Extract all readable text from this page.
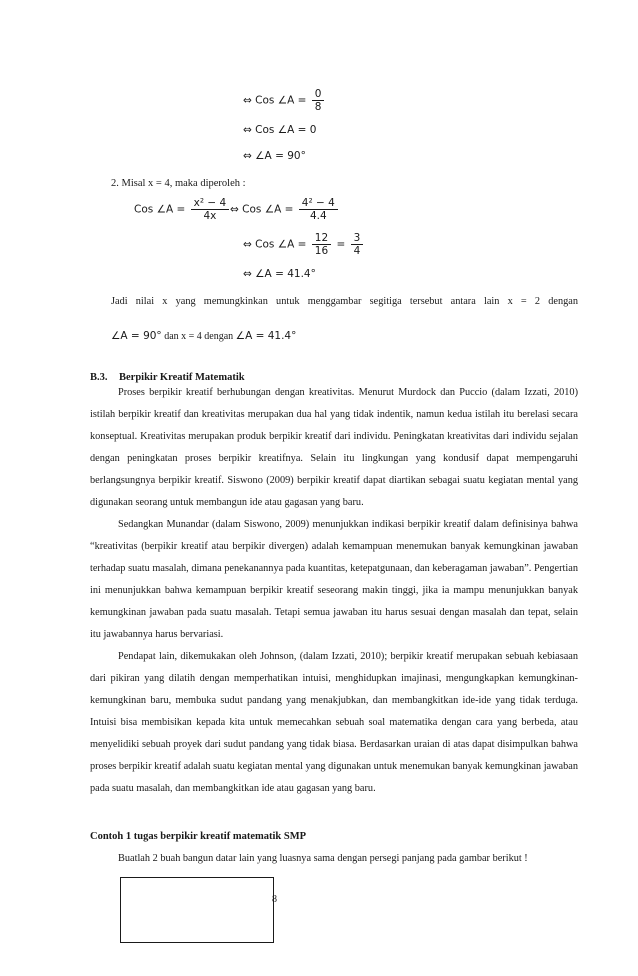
⇔ Cos ∠A = $\frac{0}{8}$
⇔ Cos ∠A = 0
⇔ ∠A = 90°
2. Misal x = 4, maka diperoleh :
Cos ∠A = $\frac{\text{x² − 4}}{4x}$ ⇔ Cos ∠A = $\frac{\text{4² − 4}}{4.4}$
⇔ Cos ∠A = $\frac{12}{16} = \frac{3}{4}$
⇔ ∠A = 41.4°
Jadi nilai x yang memungkinkan untuk menggambar segitiga tersebut antara lain x = 2 dengan
∠A = 90° dan x = 4 dengan ∠A = 41.4°
B.3. Berpikir Kreatif Matematik

Proses berpikir kreatif berhubungan dengan kreativitas. Menurut Murdock dan Puccio (dalam Izzati, 2010) istilah berpikir kreatif dan kreativitas merupakan dua hal yang tidak indentik, namun kedua istilah itu berelasi secara konseptual. Kreativitas merupakan produk berpikir kreatif dari individu. Peningkatan kreativitas dari individu sejalan dengan peningkatan proses berpikir kreatifnya. Selain itu lingkungan yang kondusif dapat mempengaruhi berlangsungnya berpikir kreatif. Siswono (2009) berpikir kreatif dapat diartikan sebagai suatu kegiatan mental yang digunakan seorang untuk membangun ide atau gagasan yang baru.

Sedangkan Munandar (dalam Siswono, 2009) menunjukkan indikasi berpikir kreatif dalam definisinya bahwa “kreativitas (berpikir kreatif atau berpikir divergen) adalah kemampuan menemukan banyak kemungkinan jawaban terhadap suatu masalah, dimana penekanannya pada kuantitas, ketepatgunaan, dan keberagaman jawaban”. Pengertian ini menunjukkan bahwa kemampuan berpikir kreatif seseorang makin tinggi, jika ia mampu menunjukkan banyak kemungkinan jawaban pada suatu masalah. Tetapi semua jawaban itu harus sesuai dengan masalah dan tepat, selain itu jawabannya harus bervariasi.

Pendapat lain, dikemukakan oleh Johnson, (dalam Izzati, 2010); berpikir kreatif merupakan sebuah kebiasaan dari pikiran yang dilatih dengan memperhatikan intuisi, menghidupkan imajinasi, mengungkapkan kemungkinan-kemungkinan baru, membuka sudut pandang yang menakjubkan, dan membangkitkan ide-ide yang tidak terduga. Intuisi bisa membisikan kepada kita untuk memecahkan sebuah soal matematika dengan cara yang berbeda, atau menyelidiki sebuah proyek dari sudut pandang yang tidak biasa. Berdasarkan uraian di atas dapat disimpulkan bahwa proses berpikir kreatif adalah suatu kegiatan mental yang digunakan untuk menemukan banyak kemungkinan jawaban pada suatu masalah, dan membangkitkan ide atau gagasan yang baru.

Contoh 1 tugas berpikir kreatif matematik SMP
Buatlah 2 buah bangun datar lain yang luasnya sama dengan persegi panjang pada gambar berikut !
8
